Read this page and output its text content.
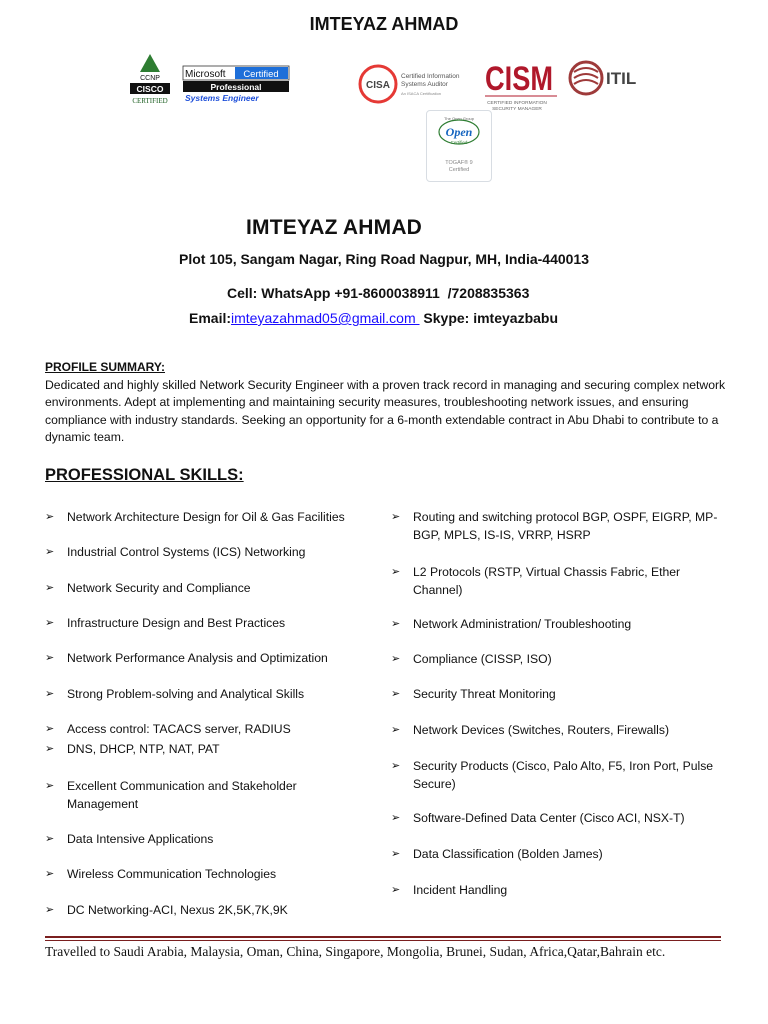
IMTEYAZ AHMAD
CCNP
CISCO
CERTIFIED
Microsoft Certified
Professional
Systems Engineer
CISA
Certified Information
Systems Auditor
An ISACA Certification CISM
CERTIFIED INFORMATION
SECURITY MANAGER
ITIL
The Open Group
Open
Certified
TOGAF® 9
Certified
IMTEYAZ AHMAD
Plot 105, Sangam Nagar, Ring Road Nagpur, MH, India-440013
Cell: WhatsApp +91-8600038911  /7208835363
Email:imteyazahmad05@gmail.com  Skype: imteyazbabu
PROFILE SUMMARY:
Dedicated and highly skilled Network Security Engineer with a proven track record in managing and securing complex network environments. Adept at implementing and maintaining security measures, troubleshooting network issues, and ensuring compliance with industry standards. Seeking an opportunity for a 6-month extendable contract in Abu Dhabi to contribute to a dynamic team.
PROFESSIONAL SKILLS:
➢ Network Architecture Design for Oil & Gas Facilities
➢ Industrial Control Systems (ICS) Networking
➢ Network Security and Compliance
➢ Infrastructure Design and Best Practices
➢ Network Performance Analysis and Optimization
➢ Strong Problem-solving and Analytical Skills
➢ Access control: TACACS server, RADIUS
➢ DNS, DHCP, NTP, NAT, PAT
➢ Excellent Communication and Stakeholder Management
➢ Data Intensive Applications
➢ Wireless Communication Technologies
➢ DC Networking-ACI, Nexus 2K,5K,7K,9K
➢ Routing and switching protocol BGP, OSPF, EIGRP, MP-BGP, MPLS, IS-IS, VRRP, HSRP
➢ L2 Protocols (RSTP, Virtual Chassis Fabric, Ether Channel)
➢ Network Administration/ Troubleshooting
➢ Compliance (CISSP, ISO)
➢ Security Threat Monitoring
➢ Network Devices (Switches, Routers, Firewalls)
➢ Security Products (Cisco, Palo Alto, F5, Iron Port, Pulse Secure)
➢ Software-Defined Data Center (Cisco ACI, NSX-T)
➢ Data Classification (Bolden James)
➢ Incident Handling
Travelled to Saudi Arabia, Malaysia, Oman, China, Singapore, Mongolia, Brunei, Sudan, Africa,Qatar,Bahrain etc.
